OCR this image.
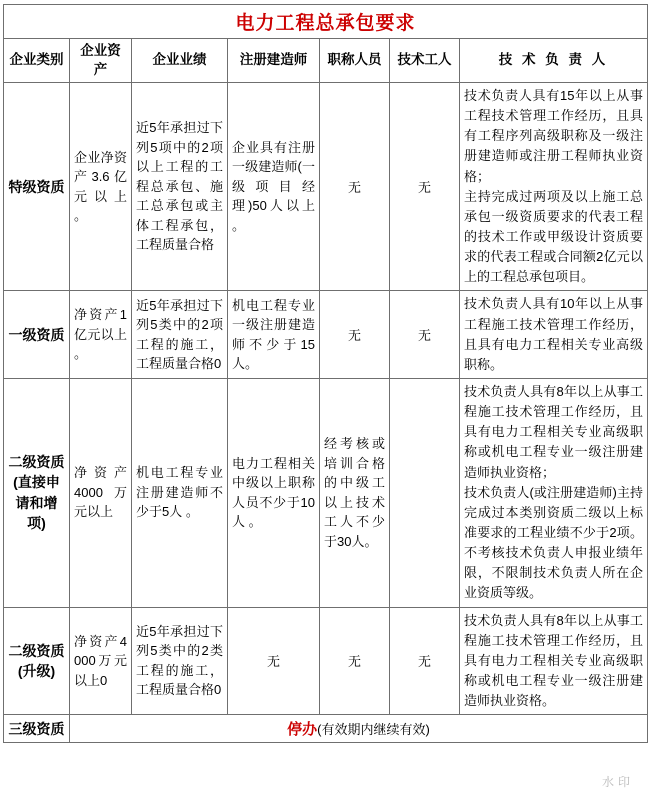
电力工程总承包要求						
企业类别	企业资产	企业业绩	注册建造师	职称人员	技术工人	技 术 负 责 人
特级资质	企业净资产3.6亿元以上 。	近5年承担过下列5项中的2项以上工程的工程总承包、施工总承包或主体工程承包，工程质量合格	企业具有注册一级建造师(一级项目经理)50人以上 。	无	无	技术负责人具有15年以上从事工程技术管理工作经历，且具有工程序列高级职称及一级注册建造师或注册工程师执业资格；

主持完成过两项及以上施工总承包一级资质要求的代表工程的技术工作或甲级设计资质要求的代表工程或合同额2亿元以上的工程总承包项目。

一级资质	净资产1亿元以上 。	近5年承担过下列5类中的2项工程的施工，工程质量合格0	机电工程专业一级注册建造师不少于15人。	无	无	技术负责人具有10年以上从事工程施工技术管理工作经历，且具有电力工程相关专业高级职称。

二级资质(直接申请和增项)	净资产4000万元以上	机电工程专业注册建造师不少于5人 。	电力工程相关中级以上职称人员不少于10人 。	经考核或培训合格的中级工以上技术工人不少于30人。		技术负责人具有8年以上从事工程施工技术管理工作经历，且具有电力工程相关专业高级职称或机电工程专业一级注册建造师执业资格；

技术负责人(或注册建造师)主持完成过本类别资质二级以上标准要求的工程业绩不少于2项。不考核技术负责人申报业绩年限，不限制技术负责人所在企业资质等级。

二级资质(升级)	净资产4000万元以上0	近5年承担过下列5类中的2类工程的施工，工程质量合格0	无	无	无	技术负责人具有8年以上从事工程施工技术管理工作经历，且具有电力工程相关专业高级职称或机电工程专业一级注册建造师执业资格。

三级资质	停办(有效期内继续有效)					
水印
